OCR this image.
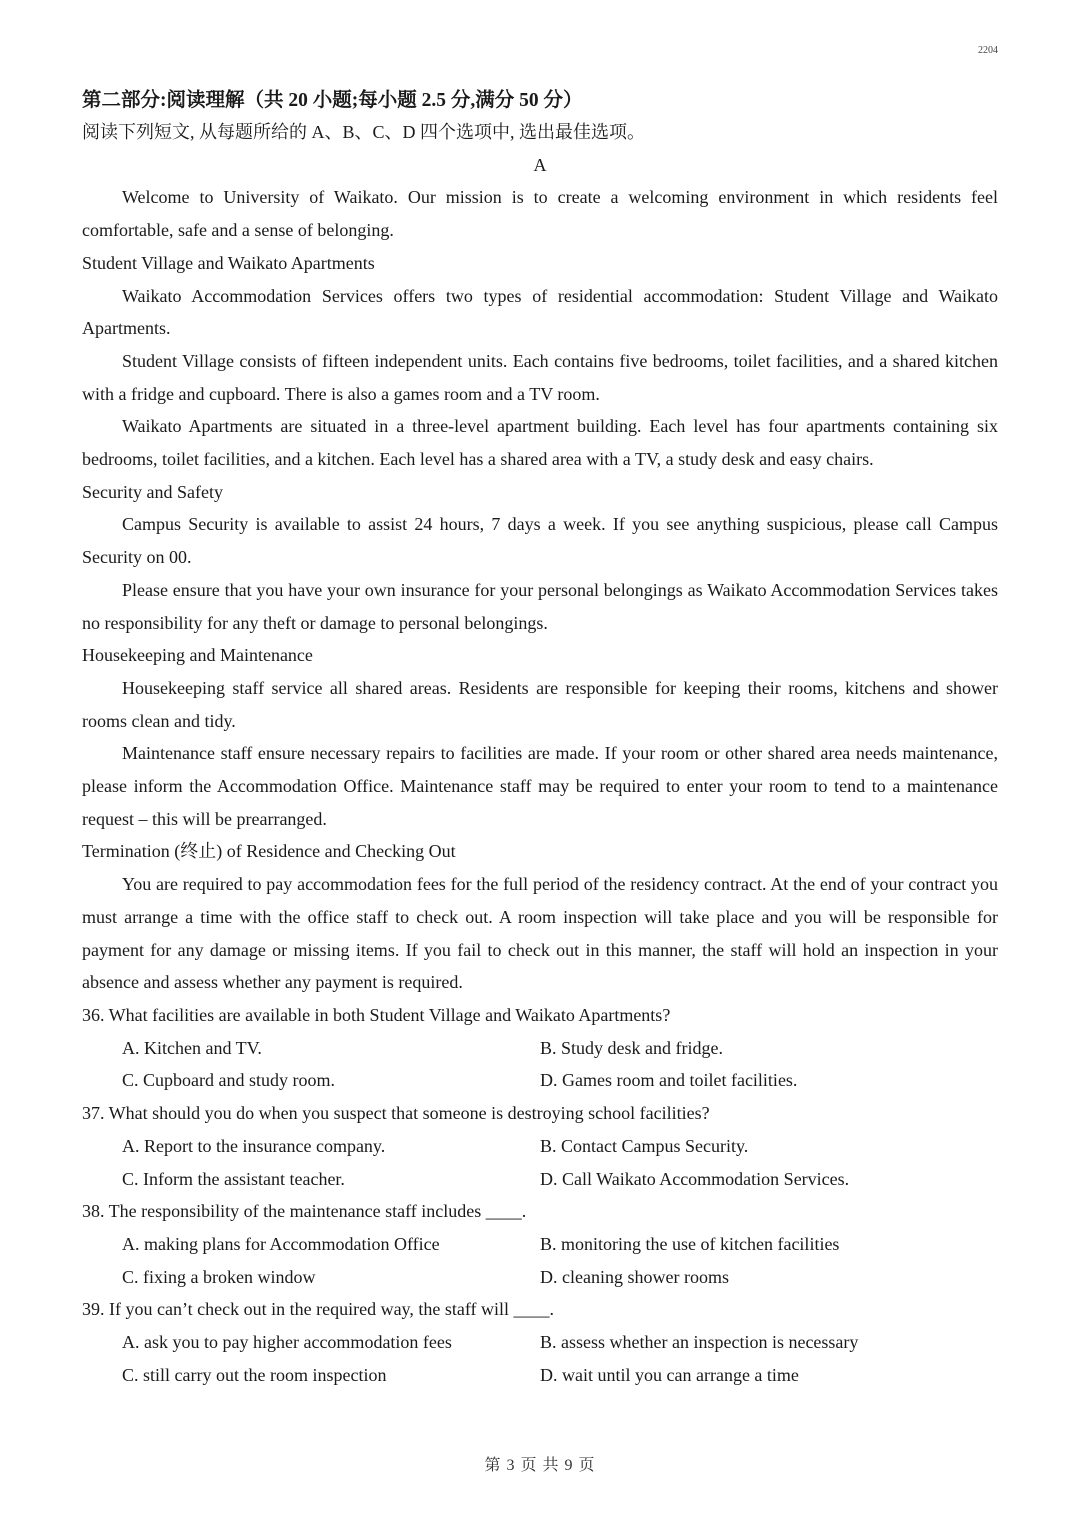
2204
第二部分:阅读理解（共 20 小题;每小题 2.5 分,满分 50 分）
阅读下列短文, 从每题所给的 A、B、C、D 四个选项中, 选出最佳选项。
A
Welcome to University of Waikato. Our mission is to create a welcoming environment in which residents feel comfortable, safe and a sense of belonging.
Student Village and Waikato Apartments
Waikato Accommodation Services offers two types of residential accommodation: Student Village and Waikato Apartments.
Student Village consists of fifteen independent units. Each contains five bedrooms, toilet facilities, and a shared kitchen with a fridge and cupboard. There is also a games room and a TV room.
Waikato Apartments are situated in a three-level apartment building. Each level has four apartments containing six bedrooms, toilet facilities, and a kitchen. Each level has a shared area with a TV, a study desk and easy chairs.
Security and Safety
Campus Security is available to assist 24 hours, 7 days a week. If you see anything suspicious, please call Campus Security on 00.
Please ensure that you have your own insurance for your personal belongings as Waikato Accommodation Services takes no responsibility for any theft or damage to personal belongings.
Housekeeping and Maintenance
Housekeeping staff service all shared areas. Residents are responsible for keeping their rooms, kitchens and shower rooms clean and tidy.
Maintenance staff ensure necessary repairs to facilities are made. If your room or other shared area needs maintenance, please inform the Accommodation Office. Maintenance staff may be required to enter your room to tend to a maintenance request – this will be prearranged.
Termination (终止) of Residence and Checking Out
You are required to pay accommodation fees for the full period of the residency contract. At the end of your contract you must arrange a time with the office staff to check out. A room inspection will take place and you will be responsible for payment for any damage or missing items. If you fail to check out in this manner, the staff will hold an inspection in your absence and assess whether any payment is required.
36. What facilities are available in both Student Village and Waikato Apartments?
A. Kitchen and TV.	B. Study desk and fridge.
C. Cupboard and study room.	D. Games room and toilet facilities.
37. What should you do when you suspect that someone is destroying school facilities?
A. Report to the insurance company.	B. Contact Campus Security.
C. Inform the assistant teacher.	D. Call Waikato Accommodation Services.
38. The responsibility of the maintenance staff includes ____.
A. making plans for Accommodation Office	B. monitoring the use of kitchen facilities
C. fixing a broken window	D. cleaning shower rooms
39. If you can’t check out in the required way, the staff will ____.
A. ask you to pay higher accommodation fees	B. assess whether an inspection is necessary
C. still carry out the room inspection	D. wait until you can arrange a time
第 3 页 共 9 页
